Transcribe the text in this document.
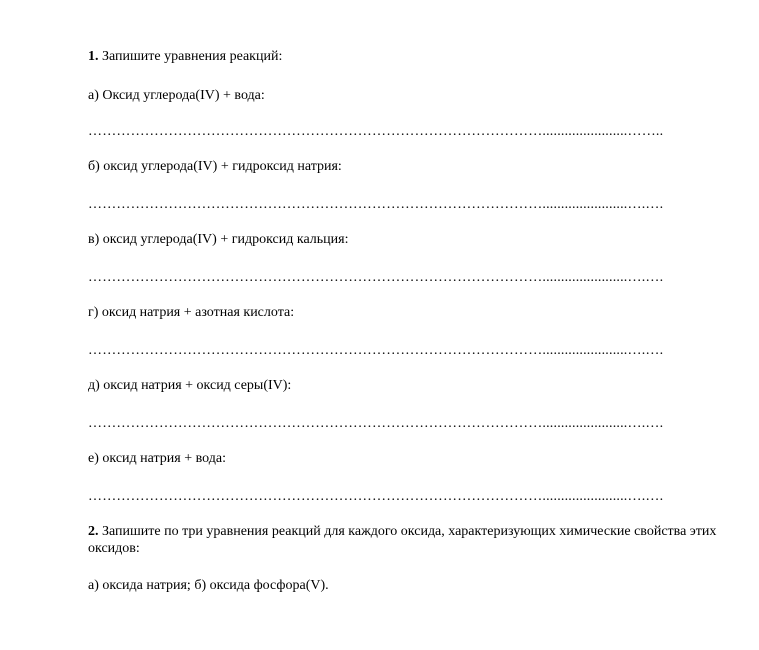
1. Запишите уравнения реакций:
а) Оксид углерода(IV) + вода:
…………………………………………………………………………………….......................……..
б) оксид углерода(IV) + гидроксид натрия:
…………………………………………………………………………………….......................….….
в) оксид углерода(IV) + гидроксид кальция:
…………………………………………………………………………………….......................….….
г) оксид натрия + азотная кислота:
…………………………………………………………………………………….......................….….
д) оксид натрия + оксид серы(IV):
…………………………………………………………………………………….......................….….
е) оксид натрия + вода:
…………………………………………………………………………………….......................….….
2. Запишите по три уравнения реакций для каждого оксида, характеризующих химические свойства этих оксидов:
а) оксида натрия; б) оксида фосфора(V).
